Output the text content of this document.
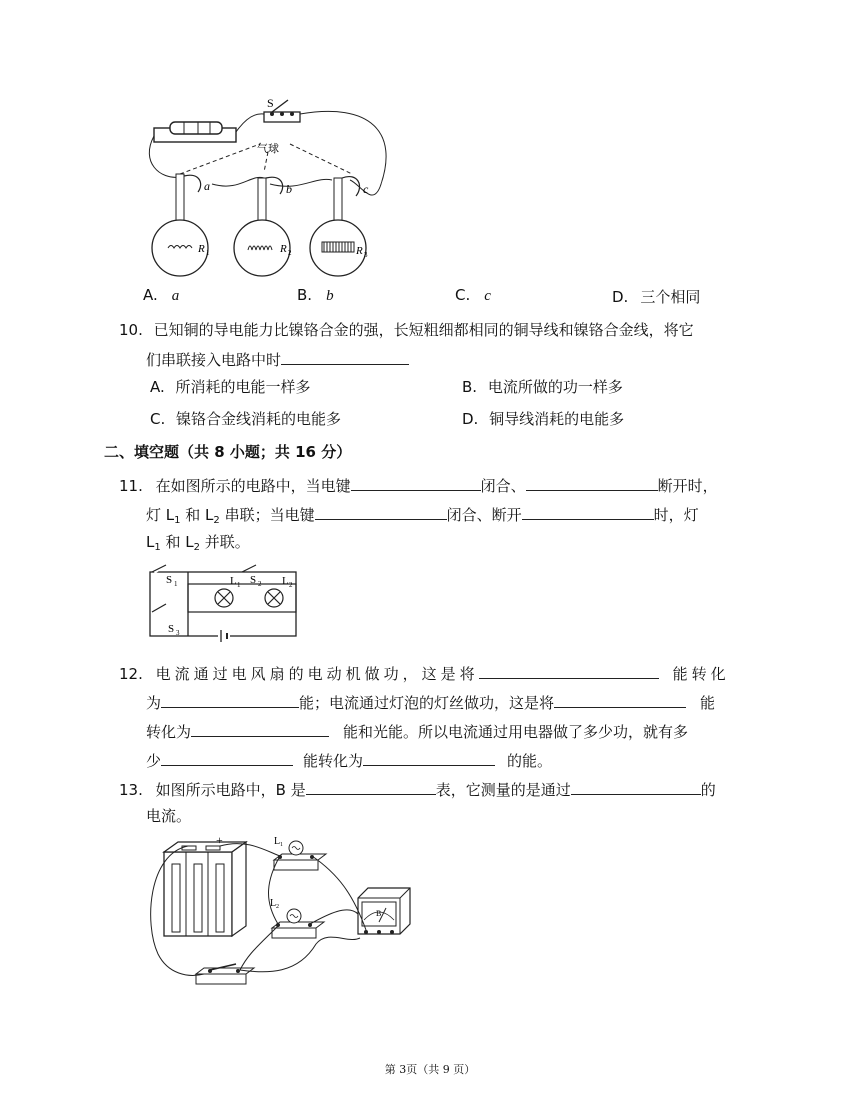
S
气球
R 1	R 2	R 3
a	b	c
A. a	B. b	C. c	D. 三个相同
10. 已知铜的导电能力比镍铬合金的强，长短粗细都相同的铜导线和镍铬合金线，将它
们串联接入电路中时
A. 所消耗的电能一样多	B. 电流所做的功一样多
C. 镍铬合金线消耗的电能多	D. 铜导线消耗的电能多
二、填空题（共 8 小题；共 16 分）
11. 在如图所示的电路中，当电键	闭合、	断开时，
灯 $L_1$ 和 $L_2$ 串联；当电键	闭合、断开	时，灯
$L_1$ 和 $L_2$ 并联。
S 1	L 1 S 2 L 2
S 3
12. 电流通过电风扇的电动机做功，这是将	能转化
为	能；电流通过灯泡的灯丝做功，这是将	能
转化为	能和光能。所以电流通过用电器做了多少功，就有多
少	能转化为	的能。
13. 如图所示电路中，B 是	表，它测量的是通过	的
电流。
+	L 1
L 2
B
第 3页（共 9 页）
